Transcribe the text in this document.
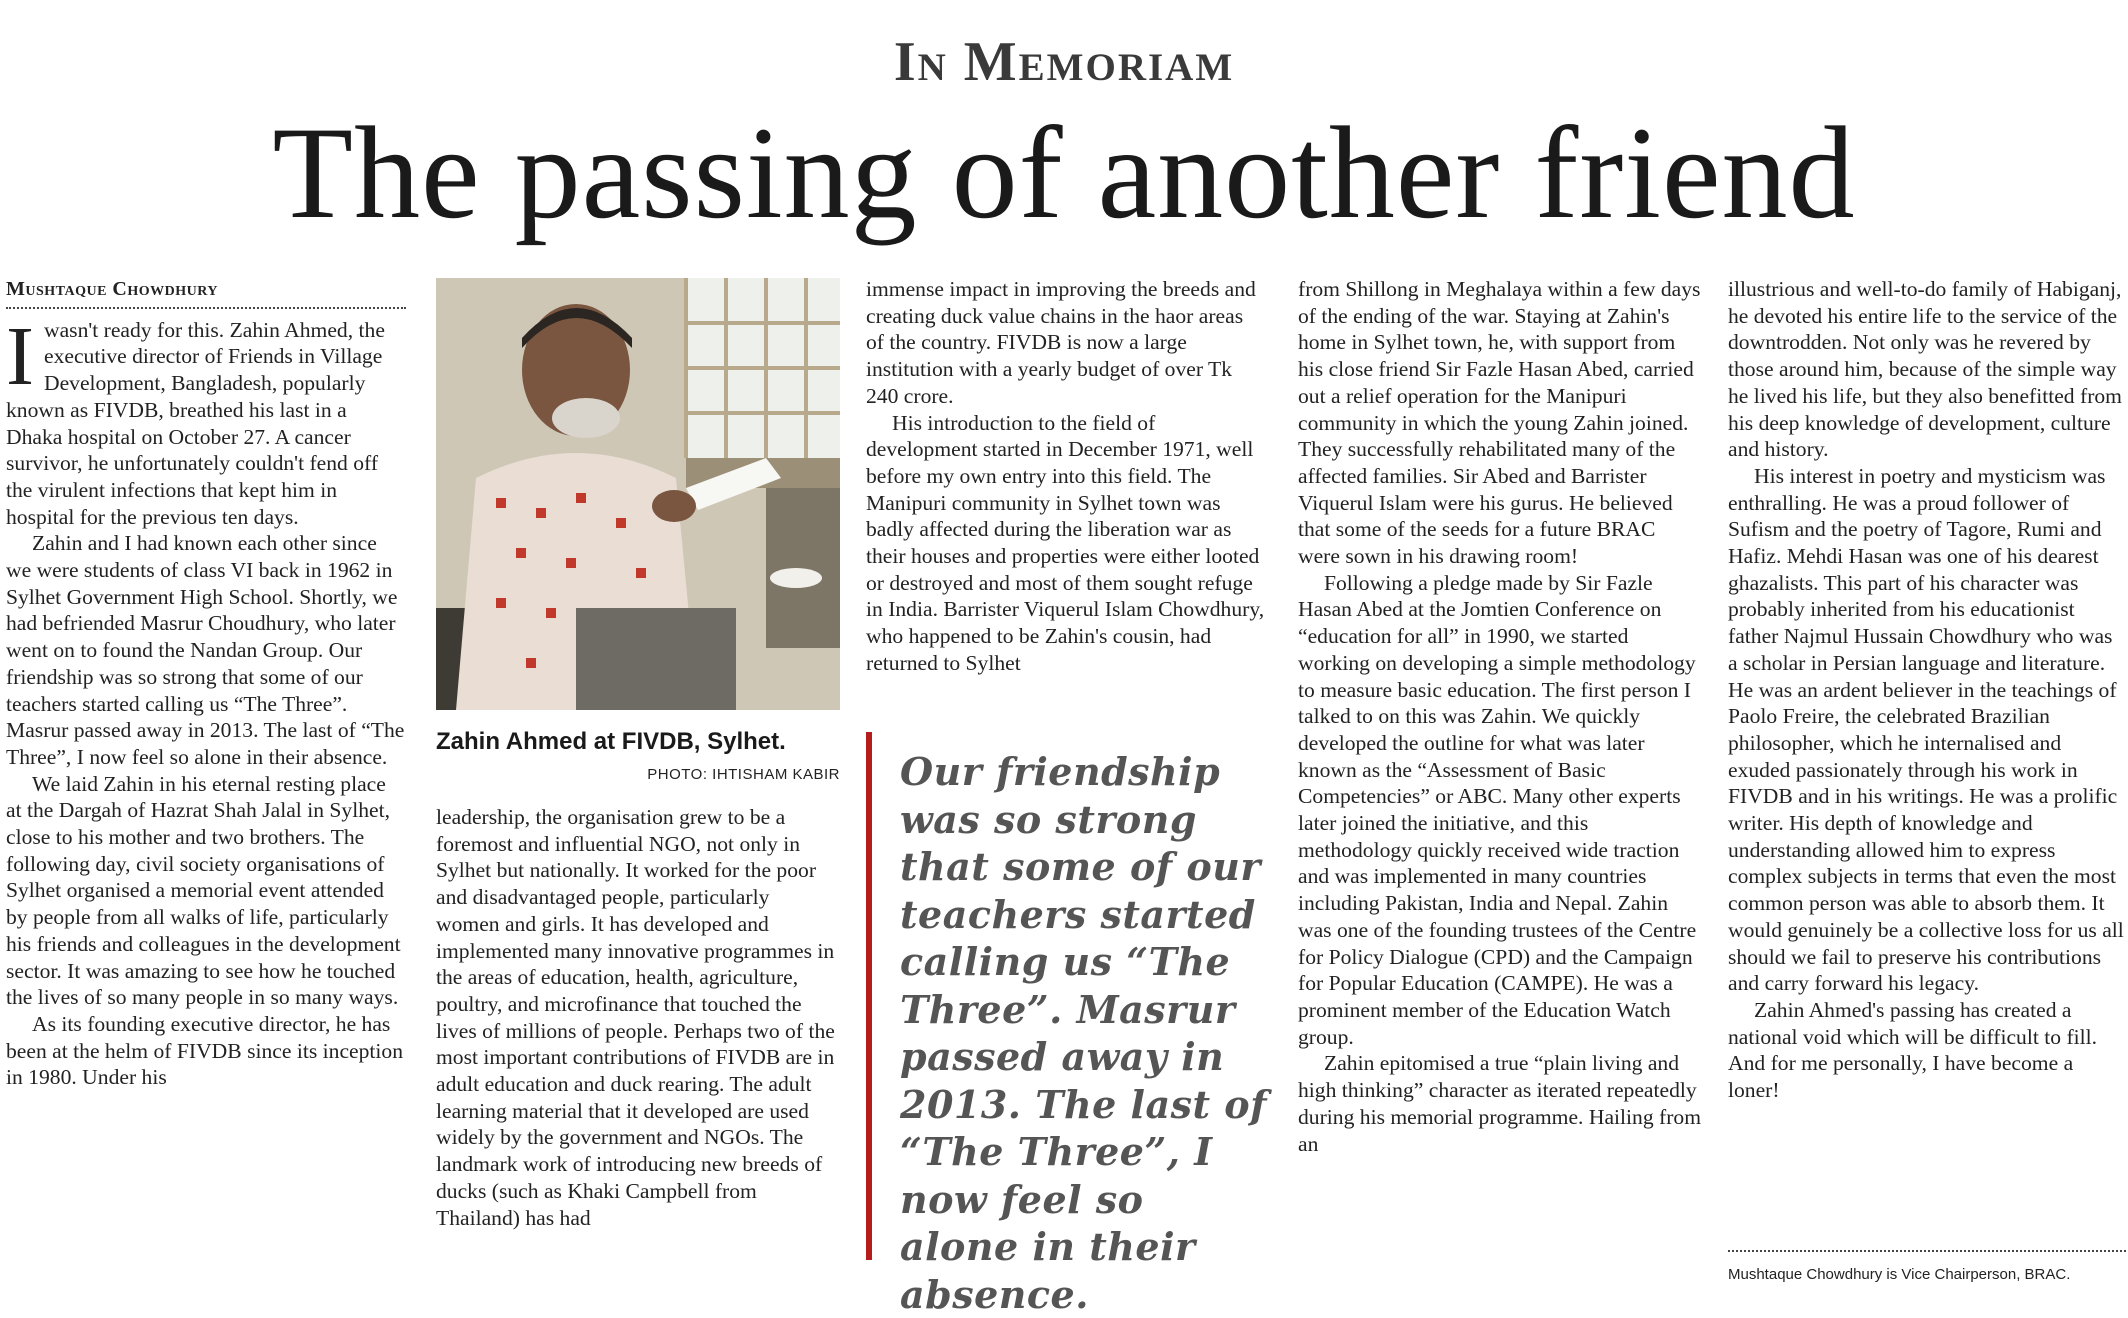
In Memoriam
The passing of another friend
Mushtaque Chowdhury

I wasn't ready for this. Zahin Ahmed, the executive director of Friends in Village Development, Bangladesh, popularly known as FIVDB, breathed his last in a Dhaka hospital on October 27. A cancer survivor, he unfortunately couldn't fend off the virulent infections that kept him in hospital for the previous ten days.

Zahin and I had known each other since we were students of class VI back in 1962 in Sylhet Government High School. Shortly, we had befriended Masrur Choudhury, who later went on to found the Nandan Group. Our friendship was so strong that some of our teachers started calling us “The Three”. Masrur passed away in 2013. The last of “The Three”, I now feel so alone in their absence.

We laid Zahin in his eternal resting place at the Dargah of Hazrat Shah Jalal in Sylhet, close to his mother and two brothers. The following day, civil society organisations of Sylhet organised a memorial event attended by people from all walks of life, particularly his friends and colleagues in the development sector. It was amazing to see how he touched the lives of so many people in so many ways.

As its founding executive director, he has been at the helm of FIVDB since its inception in 1980. Under his

Zahin Ahmed at FIVDB, Sylhet.
PHOTO: IHTISHAM KABIR

leadership, the organisation grew to be a foremost and influential NGO, not only in Sylhet but nationally. It worked for the poor and disadvantaged people, particularly women and girls. It has developed and implemented many innovative programmes in the areas of education, health, agriculture, poultry, and microfinance that touched the lives of millions of people. Perhaps two of the most important contributions of FIVDB are in adult education and duck rearing. The adult learning material that it developed are used widely by the government and NGOs. The landmark work of introducing new breeds of ducks (such as Khaki Campbell from Thailand) has had

immense impact in improving the breeds and creating duck value chains in the haor areas of the country. FIVDB is now a large institution with a yearly budget of over Tk 240 crore.

His introduction to the field of development started in December 1971, well before my own entry into this field. The Manipuri community in Sylhet town was badly affected during the liberation war as their houses and properties were either looted or destroyed and most of them sought refuge in India. Barrister Viquerul Islam Chowdhury, who happened to be Zahin's cousin, had returned to Sylhet

Our friendship was so strong that some of our teachers started calling us “The Three”. Masrur passed away in 2013. The last of “The Three”, I now feel so alone in their absence.

from Shillong in Meghalaya within a few days of the ending of the war. Staying at Zahin's home in Sylhet town, he, with support from his close friend Sir Fazle Hasan Abed, carried out a relief operation for the Manipuri community in which the young Zahin joined. They successfully rehabilitated many of the affected families. Sir Abed and Barrister Viquerul Islam were his gurus. He believed that some of the seeds for a future BRAC were sown in his drawing room!

Following a pledge made by Sir Fazle Hasan Abed at the Jomtien Conference on “education for all” in 1990, we started working on developing a simple methodology to measure basic education. The first person I talked to on this was Zahin. We quickly developed the outline for what was later known as the “Assessment of Basic Competencies” or ABC. Many other experts later joined the initiative, and this methodology quickly received wide traction and was implemented in many countries including Pakistan, India and Nepal. Zahin was one of the founding trustees of the Centre for Policy Dialogue (CPD) and the Campaign for Popular Education (CAMPE). He was a prominent member of the Education Watch group.

Zahin epitomised a true “plain living and high thinking” character as iterated repeatedly during his memorial programme. Hailing from an

illustrious and well-to-do family of Habiganj, he devoted his entire life to the service of the downtrodden. Not only was he revered by those around him, because of the simple way he lived his life, but they also benefitted from his deep knowledge of development, culture and history.

His interest in poetry and mysticism was enthralling. He was a proud follower of Sufism and the poetry of Tagore, Rumi and Hafiz. Mehdi Hasan was one of his dearest ghazalists. This part of his character was probably inherited from his educationist father Najmul Hussain Chowdhury who was a scholar in Persian language and literature. He was an ardent believer in the teachings of Paolo Freire, the celebrated Brazilian philosopher, which he internalised and exuded passionately through his work in FIVDB and in his writings. He was a prolific writer. His depth of knowledge and understanding allowed him to express complex subjects in terms that even the most common person was able to absorb them. It would genuinely be a collective loss for us all should we fail to preserve his contributions and carry forward his legacy.

Zahin Ahmed's passing has created a national void which will be difficult to fill. And for me personally, I have become a loner!

Mushtaque Chowdhury is Vice Chairperson, BRAC.
